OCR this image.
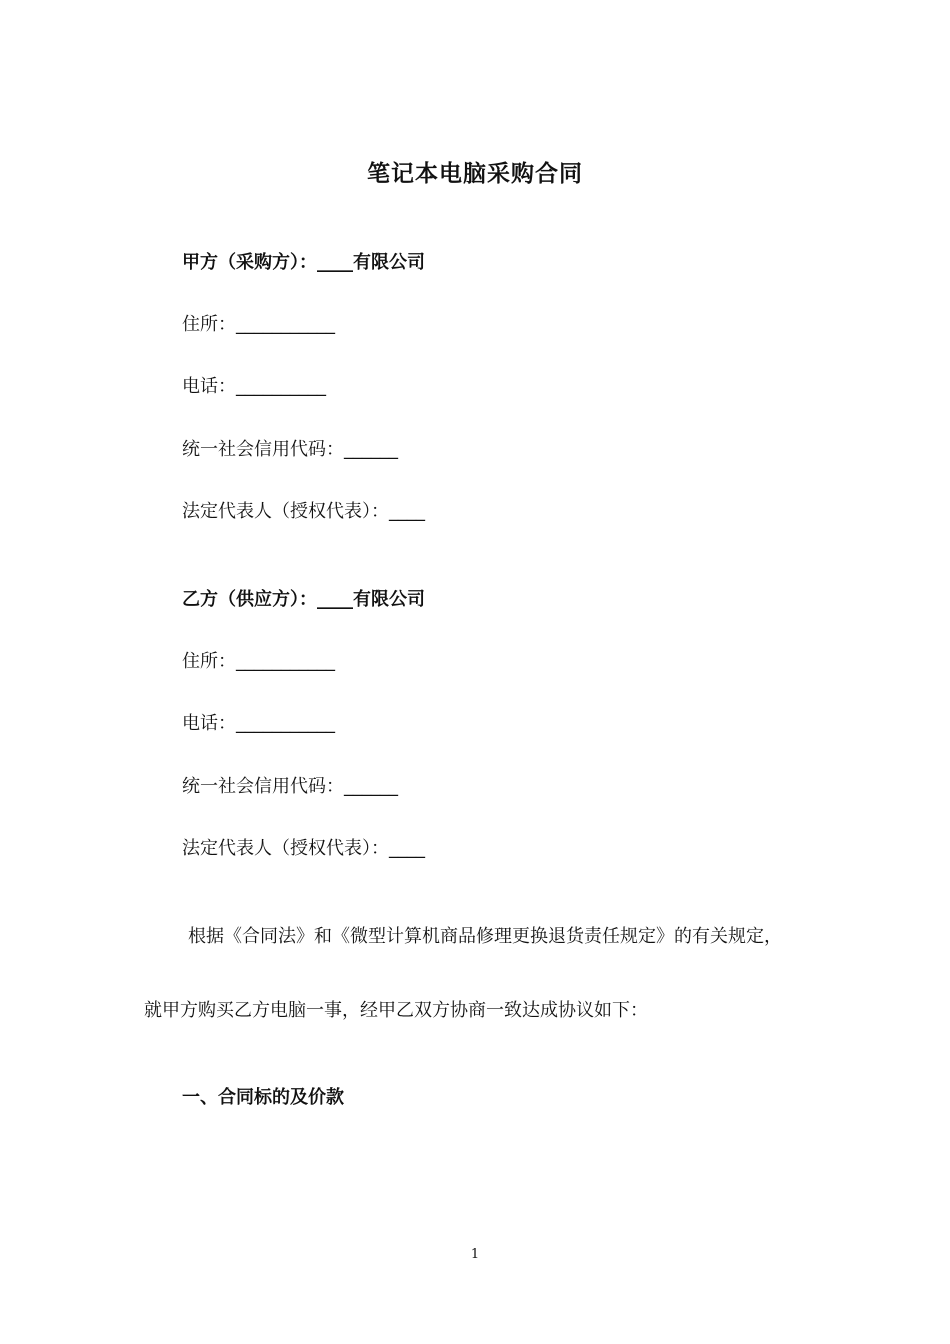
笔记本电脑采购合同
甲方（采购方）：____有限公司
住所：___________
电话：__________
统一社会信用代码：______
法定代表人（授权代表）：____
乙方（供应方）：____有限公司
住所：___________
电话：___________
统一社会信用代码：______
法定代表人（授权代表）：____
根据《合同法》和《微型计算机商品修理更换退货责任规定》的有关规定，
就甲方购买乙方电脑一事，经甲乙双方协商一致达成协议如下：
一、合同标的及价款
1
